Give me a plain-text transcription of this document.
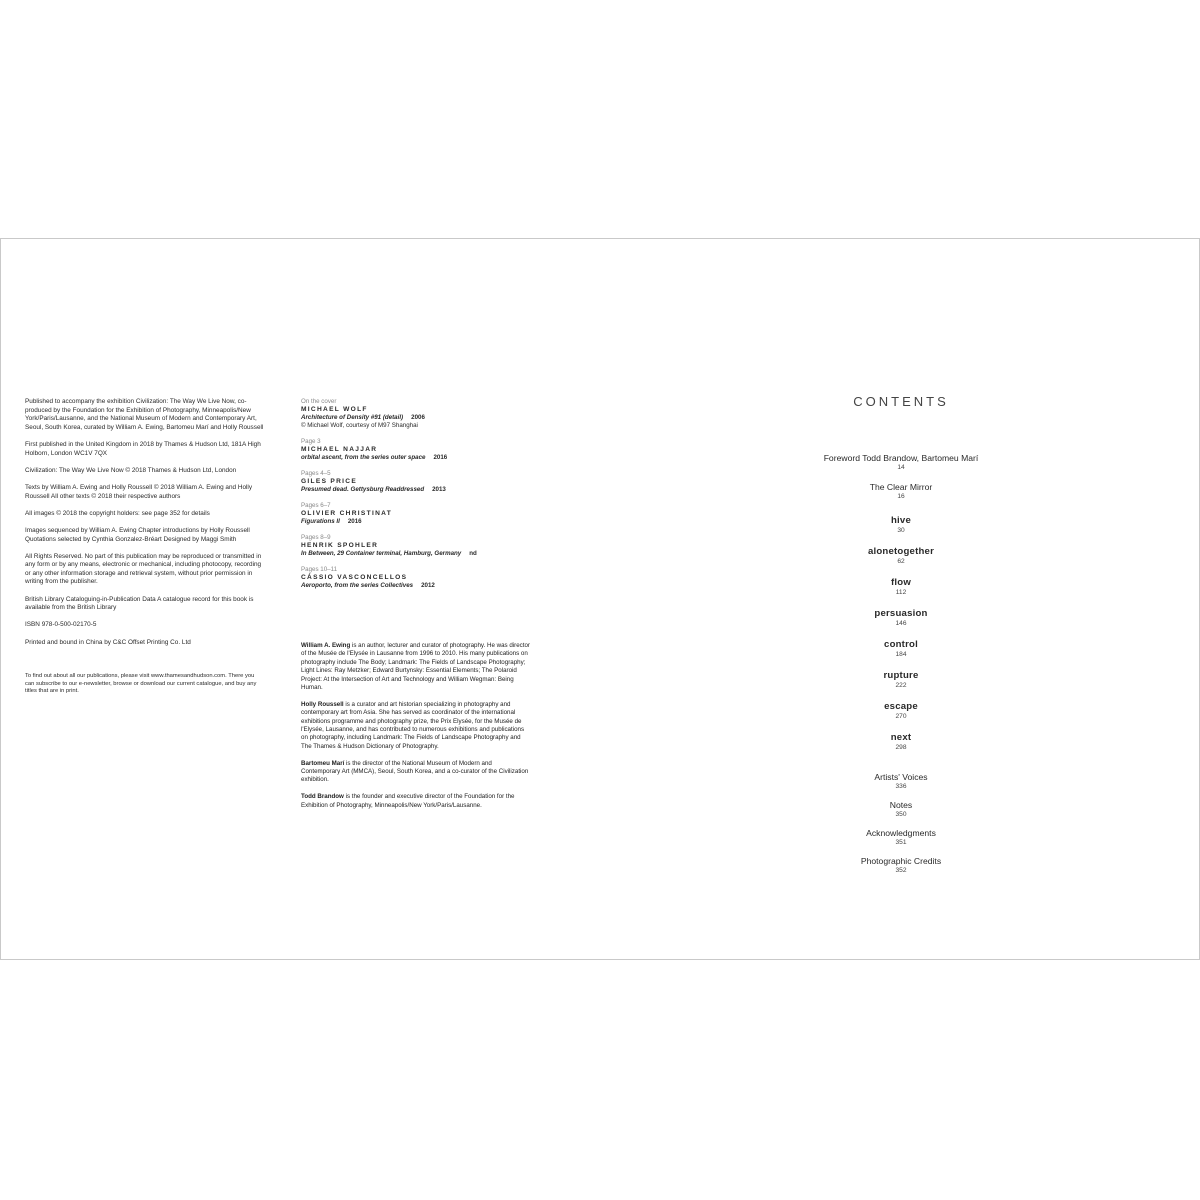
Published to accompany the exhibition Civilization: The Way We Live Now, co-produced by the Foundation for the Exhibition of Photography, Minneapolis/New York/Paris/Lausanne, and the National Museum of Modern and Contemporary Art, Seoul, South Korea, curated by William A. Ewing, Bartomeu Marí and Holly Roussell

First published in the United Kingdom in 2018 by Thames & Hudson Ltd, 181A High Holborn, London WC1V 7QX

Civilization: The Way We Live Now © 2018 Thames & Hudson Ltd, London

Texts by William A. Ewing and Holly Roussell © 2018 William A. Ewing and Holly Roussell All other texts © 2018 their respective authors

All images © 2018 the copyright holders: see page 352 for details

Images sequenced by William A. Ewing Chapter introductions by Holly Roussell Quotations selected by Cynthia Gonzalez-Bréart Designed by Maggi Smith

All Rights Reserved. No part of this publication may be reproduced or transmitted in any form or by any means, electronic or mechanical, including photocopy, recording or any other information storage and retrieval system, without prior permission in writing from the publisher.

British Library Cataloguing-in-Publication Data A catalogue record for this book is available from the British Library

ISBN 978-0-500-02170-5

Printed and bound in China by C&C Offset Printing Co. Ltd

To find out about all our publications, please visit www.thamesandhudson.com. There you can subscribe to our e-newsletter, browse or download our current catalogue, and buy any titles that are in print.

On the cover
MICHAEL WOLF
Architecture of Density #91 (detail) 2006
© Michael Wolf, courtesy of M97 Shanghai
Page 3
MICHAEL NAJJAR
orbital ascent, from the series outer space 2016
Pages 4–5
GILES PRICE
Presumed dead. Gettysburg Readdressed 2013
Pages 6–7
OLIVIER CHRISTINAT
Figurations II 2016
Pages 8–9
HENRIK SPOHLER
In Between, 29 Container terminal, Hamburg, Germany nd
Pages 10–11
CÁSSIO VASCONCELLOS
Aeroporto, from the series Collectives 2012

William A. Ewing is an author, lecturer and curator of photography. He was director of the Musée de l'Elysée in Lausanne from 1996 to 2010. His many publications on photography include The Body; Landmark: The Fields of Landscape Photography; Light Lines: Ray Metzker; Edward Burtynsky: Essential Elements; The Polaroid Project: At the Intersection of Art and Technology and William Wegman: Being Human.

Holly Roussell is a curator and art historian specializing in photography and contemporary art from Asia. She has served as coordinator of the international exhibitions programme and photography prize, the Prix Elysée, for the Musée de l'Elysée, Lausanne, and has contributed to numerous exhibitions and publications on photography, including Landmark: The Fields of Landscape Photography and The Thames & Hudson Dictionary of Photography.

Bartomeu Marí is the director of the National Museum of Modern and Contemporary Art (MMCA), Seoul, South Korea, and a co-curator of the Civilization exhibition.

Todd Brandow is the founder and executive director of the Foundation for the Exhibition of Photography, Minneapolis/New York/Paris/Lausanne.

CONTENTS
Foreword Todd Brandow, Bartomeu Marí
14
The Clear Mirror
16
hive
30
alonetogether
62
flow
112
persuasion
146
control
184
rupture
222
escape
270
next
298
Artists' Voices
336
Notes
350
Acknowledgments
351
Photographic Credits
352
